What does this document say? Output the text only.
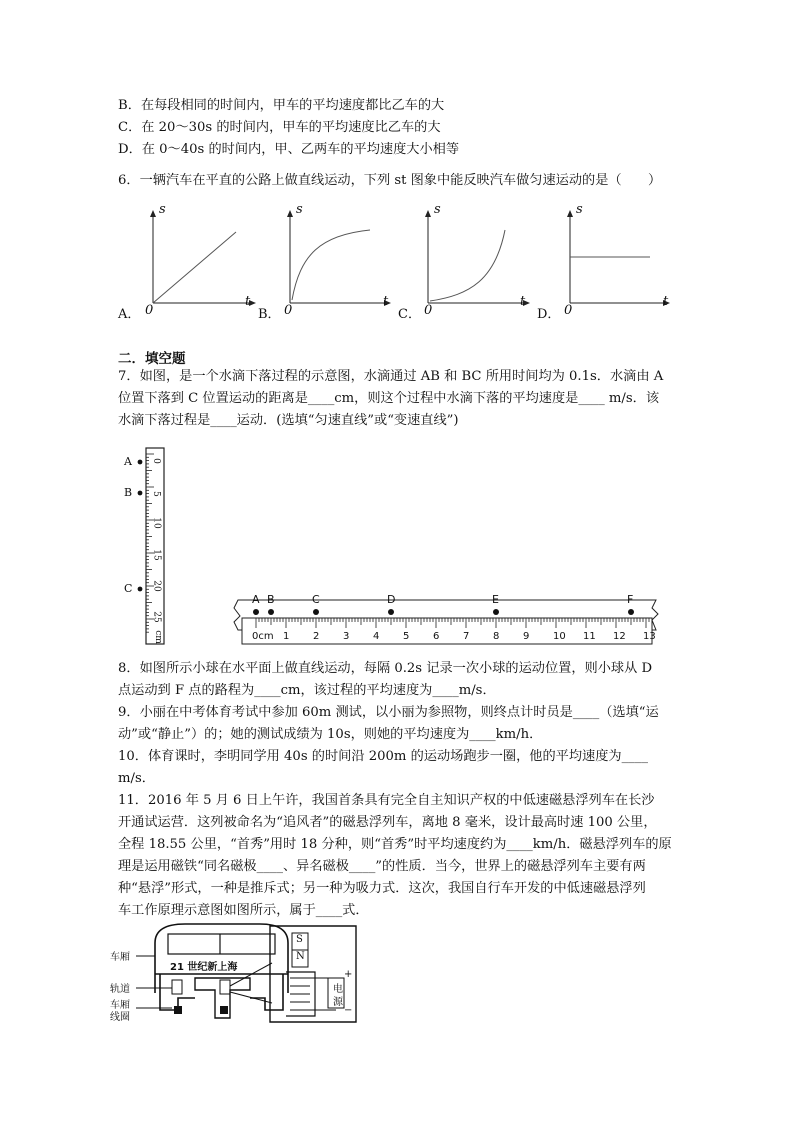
B．在每段相同的时间内，甲车的平均速度都比乙车的大
C．在 20～30s 的时间内，甲车的平均速度比乙车的大
D．在 0～40s 的时间内，甲、乙两车的平均速度大小相等
6．一辆汽车在平直的公路上做直线运动，下列 st 图象中能反映汽车做匀速运动的是（　　）
s
t
s
t
s
t
s
t
A． 0	B． 0	C． 0	D． 0
二．填空题
7．如图，是一个水滴下落过程的示意图，水滴通过 AB 和 BC 所用时间均为 0.1s．水滴由 A
位置下落到 C 位置运动的距离是____cm，则这个过程中水滴下落的平均速度是____ m/s．该
水滴下落过程是____运动．(选填“匀速直线”或“变速直线”)
A
B
C
0
5
10
15
20
25
cm
A B	C	D	E	F
0cm 1 2 3 4 5 6 7 8 9 10 11 12 13
8．如图所示小球在水平面上做直线运动，每隔 0.2s 记录一次小球的运动位置，则小球从 D
点运动到 F 点的路程为____cm，该过程的平均速度为____m/s．
9．小丽在中考体育考试中参加 60m 测试，以小丽为参照物，则终点计时员是____（选填“运
动”或“静止”）的；她的测试成绩为 10s，则她的平均速度为____km/h．
10．体育课时，李明同学用 40s 的时间沿 200m 的运动场跑步一圈，他的平均速度为____
m/s．
11．2016 年 5 月 6 日上午许，我国首条具有完全自主知识产权的中低速磁悬浮列车在长沙
开通试运营．这列被命名为“追风者”的磁悬浮列车，离地 8 毫米，设计最高时速 100 公里，
全程 18.55 公里，“首秀”用时 18 分种，则“首秀”时平均速度约为____km/h．磁悬浮列车的原
理是运用磁铁“同名磁极____、异名磁极____”的性质．当今，世界上的磁悬浮列车主要有两
种“悬浮”形式，一种是推斥式；另一种为吸力式．这次，我国自行车开发的中低速磁悬浮列
车工作原理示意图如图所示，属于____式．
车厢
轨道
车厢
线圈
21 世纪新上海
S
N
电
源
+
−
